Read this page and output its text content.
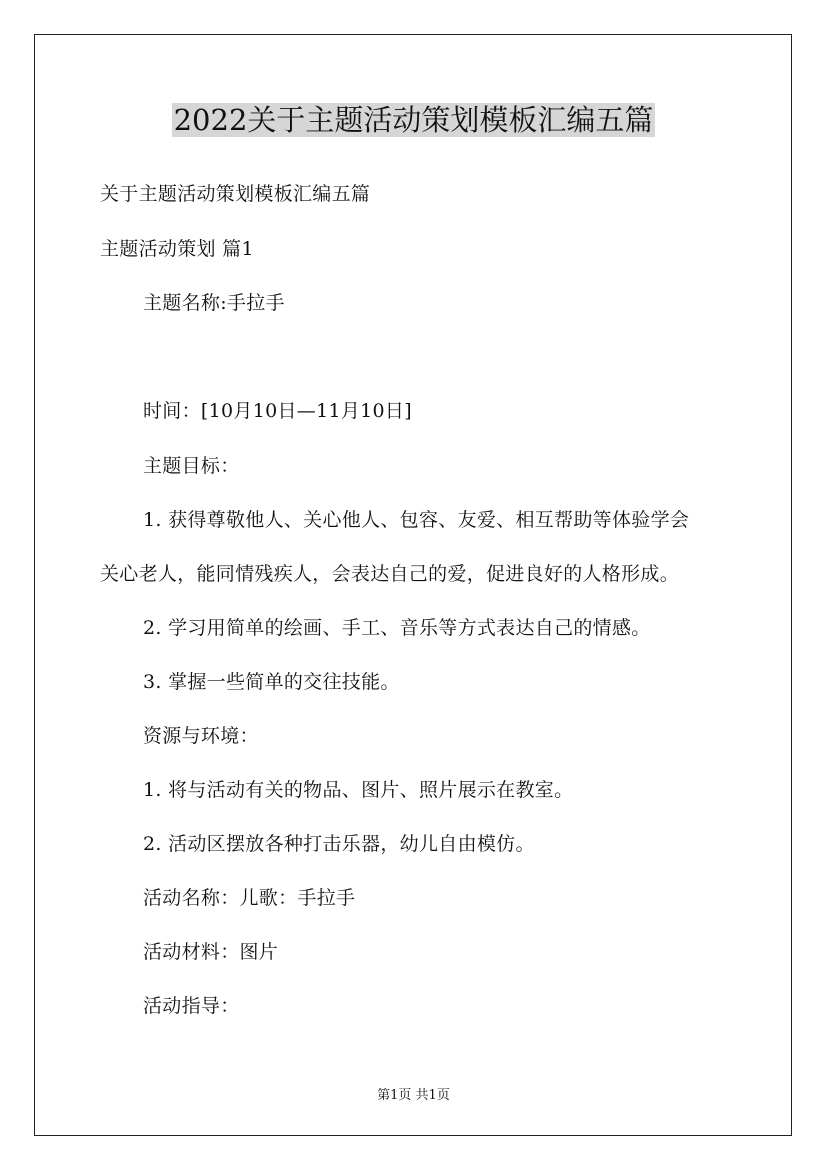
2022关于主题活动策划模板汇编五篇
关于主题活动策划模板汇编五篇
主题活动策划 篇1
主题名称:手拉手
时间：[10月10日—11月10日]
主题目标：
1. 获得尊敬他人、关心他人、包容、友爱、相互帮助等体验学会
关心老人，能同情残疾人，会表达自己的爱，促进良好的人格形成。
2. 学习用简单的绘画、手工、音乐等方式表达自己的情感。
3. 掌握一些简单的交往技能。
资源与环境：
1. 将与活动有关的物品、图片、照片展示在教室。
2. 活动区摆放各种打击乐器，幼儿自由模仿。
活动名称：儿歌：手拉手
活动材料：图片
活动指导：
第1页 共1页
